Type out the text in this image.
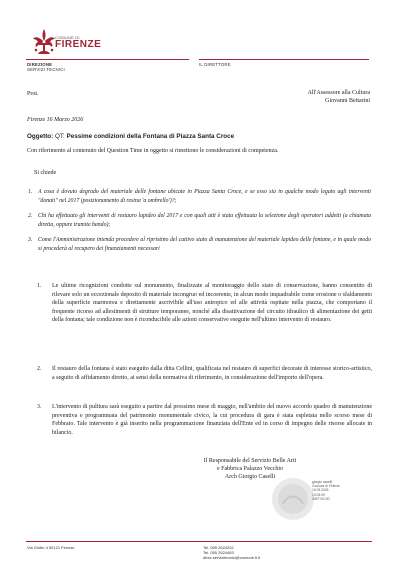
COMUNE DI
FIRENZE
DIREZIONE
SERVIZI TECNICI
IL DIRETTORE
Prot.	All'Assessore alla Cultura
Giovanni Bettarini
Firenze 16 Marzo 2026
Oggetto: QT: Pessime condizioni della Fontana di Piazza Santa Croce
Con riferimento al contenuto del Question Time in oggetto si rimettono le considerazioni di competenza.
Si chiede
1. A cosa è dovuto degrado del materiale delle fontane ubicate in Piazza Santa Croce, e se esso sia in qualche modo legato agli interventi "donati" nel 2017 (posizionamento di resina 'a ombrello')?;
2. Chi ha effettuato gli interventi di restauro lapideo del 2017 e con quali atti è stata effettuata la selezione degli operatori addetti (a chiamata diretta, oppure tramite bando);
3. Come l'Amministrazione intenda procedere al ripristino del cattivo stato di manutenzione del materiale lapideo delle fontane, e in quale modo si procederà al recupero dei finanziamenti necessari
1. Le ultime ricognizioni condotte sul monumento, finalizzate al monitoraggio dello stato di conservazione, hanno consentito di rilevare solo un eccezionale deposito di materiale incongruo ed incoerente, in alcun modo inquadrabile come erosione o sfaldamento della superficie marmorea e direttamente ascrivibile all'uso antropico ed alle attività ospitate nella piazza, che comportano il frequente ricorso ad allestimenti di strutture temporanee, nonché alla disattivazione del circuito idraulico di alimentazione dei getti della fontana; tale condizione non è riconducibile alle azioni conservative eseguite nell'ultimo intervento di restauro.
2. Il restauro della fontana è stato eseguito dalla ditta Cellini, qualificata nel restauro di superfici decorate di interesse storico-artistico, a seguito di affidamento diretto, ai sensi della normativa di riferimento, in considerazione dell'importo dell'opera.
3. L'intervento di pulitura sarà eseguito a partire dal prossimo mese di maggio, nell'ambito del nuovo accordo quadro di manutenzione preventiva e programmata del patrimonio monumentale civico, la cui procedura di gara è stata espletata nello scorso mese di Febbraio. Tale intervento è già inserito nella programmazione finanziata dell'Ente ed in corso di impegno delle risorse allocate in bilancio.
Il Responsabile del Servizio Belle Arti
e Fabbrica Palazzo Vecchio
Arch Giorgio Caselli
giorgio caselli
Comune di Firenze
16.03.2026
13:03:09
GMT+02:00
Via Giotto 4 50121 Firenze	Tel. 055 2624202
Tel. 055 2624483
direz.serviziteonici@comune.fi.it
